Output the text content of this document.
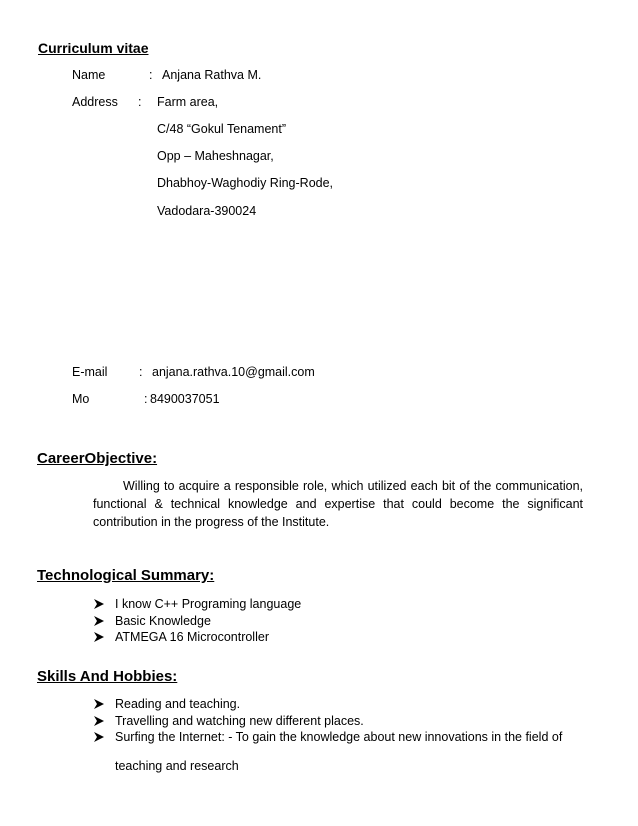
Curriculum vitae
Name	: Anjana Rathva M.
Address : Farm area,
C/48 “Gokul Tenament”
Opp – Maheshnagar,
Dhabhoy-Waghodiy Ring-Rode,
Vadodara-390024
E-mail	: anjana.rathva.10@gmail.com
Mo	: 8490037051
CareerObjective:
Willing to acquire a responsible role, which utilized each bit of the communication,
functional & technical knowledge and expertise that could become the significant
contribution in the progress of the Institute.
Technological Summary:
I know C++ Programing language
Basic Knowledge
ATMEGA 16 Microcontroller
Skills And Hobbies:
Reading and teaching.
Travelling and watching new different places.
Surfing the Internet: - To gain the knowledge about new innovations in the field of
teaching and research
